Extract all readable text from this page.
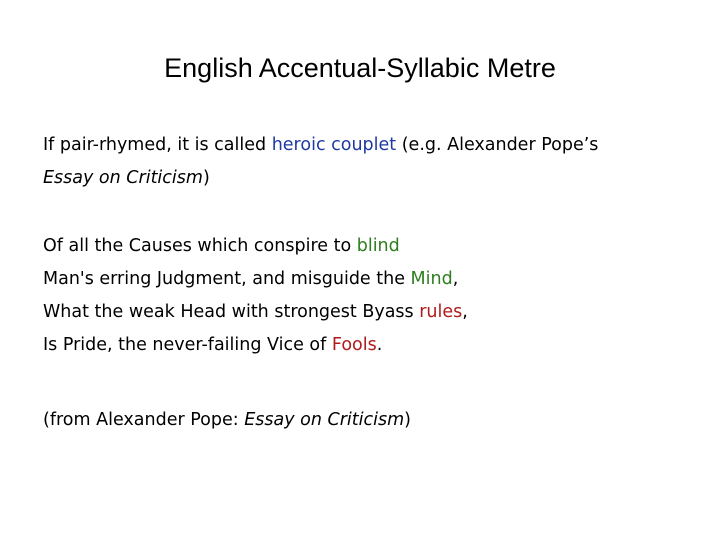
English Accentual-Syllabic Metre
If pair-rhymed, it is called heroic couplet (e.g. Alexander Pope’s
Essay on Criticism)
Of all the Causes which conspire to blind
Man's erring Judgment, and misguide the Mind,
What the weak Head with strongest Byass rules,
Is Pride, the never-failing Vice of Fools.
(from Alexander Pope: Essay on Criticism)
